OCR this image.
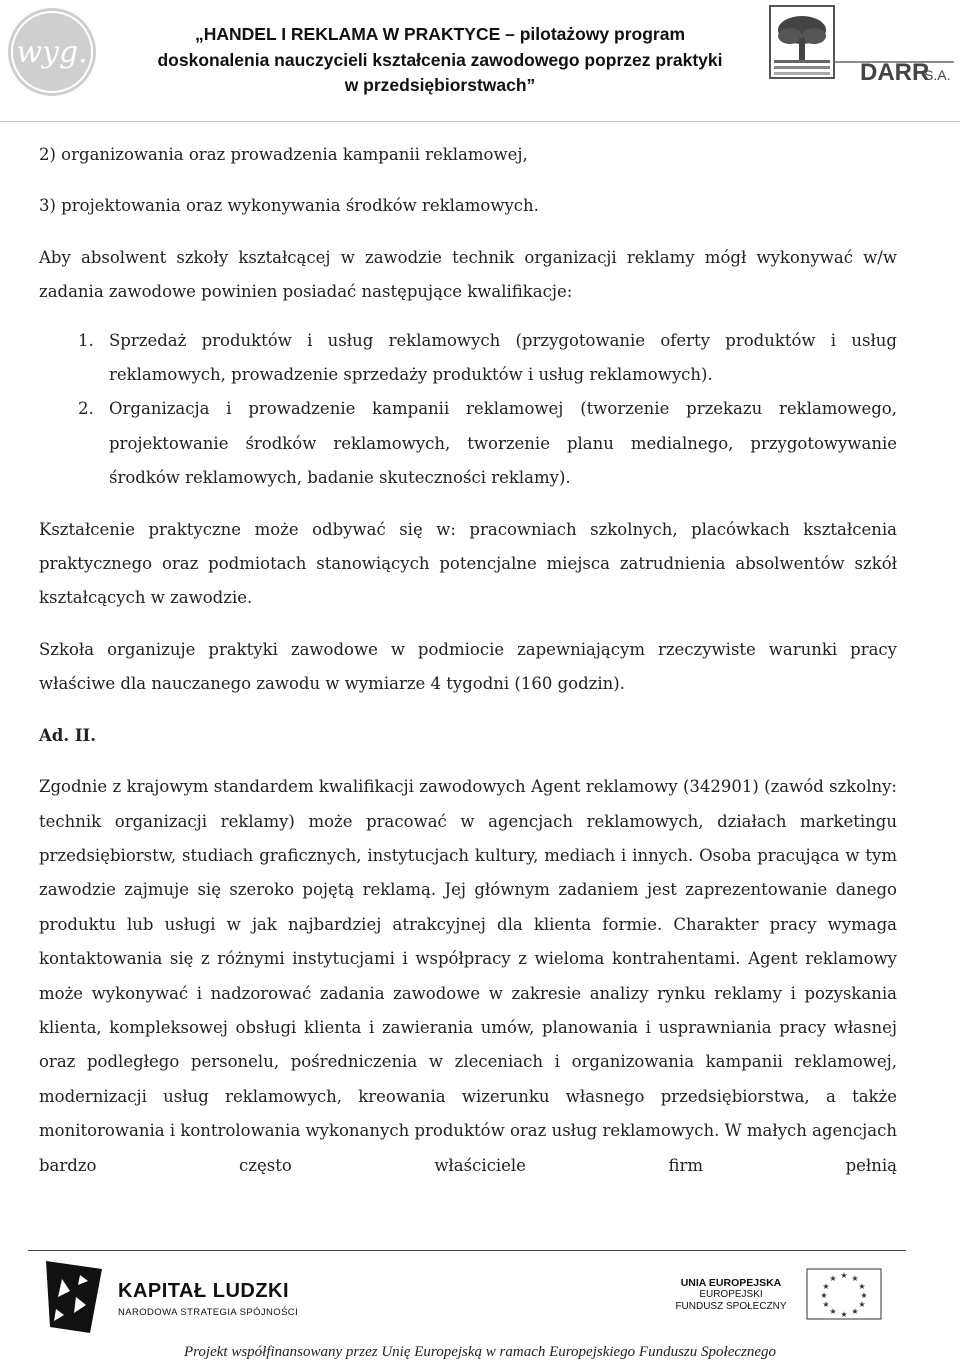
wyg.
„HANDEL I REKLAMA W PRAKTYCE – pilotażowy program
doskonalenia nauczycieli kształcenia zawodowego poprzez praktyki
w przedsiębiorstwach”	DARR
S.A.

2) organizowania oraz prowadzenia kampanii reklamowej,

3) projektowania oraz wykonywania środków reklamowych.

Aby absolwent szkoły kształcącej w zawodzie technik organizacji reklamy mógł wykonywać w/w zadania zawodowe powinien posiadać następujące kwalifikacje:

1. Sprzedaż produktów i usług reklamowych (przygotowanie oferty produktów i usług reklamowych, prowadzenie sprzedaży produktów i usług reklamowych).
2. Organizacja i prowadzenie kampanii reklamowej (tworzenie przekazu reklamowego, projektowanie środków reklamowych, tworzenie planu medialnego, przygotowywanie środków reklamowych, badanie skuteczności reklamy).

Kształcenie praktyczne może odbywać się w: pracowniach szkolnych, placówkach kształcenia praktycznego oraz podmiotach stanowiących potencjalne miejsca zatrudnienia absolwentów szkół kształcących w zawodzie.

Szkoła organizuje praktyki zawodowe w podmiocie zapewniającym rzeczywiste warunki pracy właściwe dla nauczanego zawodu w wymiarze 4 tygodni (160 godzin).

Ad. II.

Zgodnie z krajowym standardem kwalifikacji zawodowych Agent reklamowy (342901) (zawód szkolny: technik organizacji reklamy) może pracować w agencjach reklamowych, działach marketingu przedsiębiorstw, studiach graficznych, instytucjach kultury, mediach i innych. Osoba pracująca w tym zawodzie zajmuje się szeroko pojętą reklamą. Jej głównym zadaniem jest zaprezentowanie danego produktu lub usługi w jak najbardziej atrakcyjnej dla klienta formie. Charakter pracy wymaga kontaktowania się z różnymi instytucjami i współpracy z wieloma kontrahentami. Agent reklamowy może wykonywać i nadzorować zadania zawodowe w zakresie analizy rynku reklamy i pozyskania klienta, kompleksowej obsługi klienta i zawierania umów, planowania i usprawniania pracy własnej oraz podległego personelu, pośredniczenia w zleceniach i organizowania kampanii reklamowej, modernizacji usług reklamowych, kreowania wizerunku własnego przedsiębiorstwa, a także monitorowania i kontrolowania wykonanych produktów oraz usług reklamowych. W małych agencjach bardzo często właściciele firm pełnią

KAPITAŁ LUDZKI
NARODOWA STRATEGIA SPÓJNOŚCI
UNIA EUROPEJSKA
EUROPEJSKI
FUNDUSZ SPOŁECZNY
★ ★
★
★
★
★
★
★
★
★
★
★
Projekt współfinansowany przez Unię Europejską w ramach Europejskiego Funduszu Społecznego
